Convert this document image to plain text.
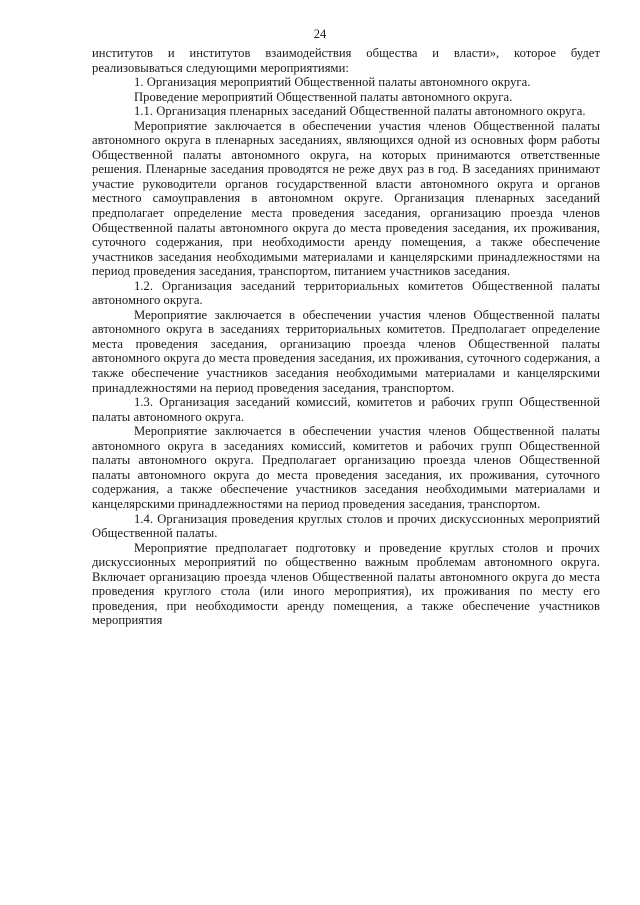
24

институтов и институтов взаимодействия общества и власти», которое будет реализовываться следующими мероприятиями:

1. Организация мероприятий Общественной палаты автономного округа.

Проведение мероприятий Общественной палаты автономного округа.

1.1. Организация пленарных заседаний Общественной палаты автономного округа.

Мероприятие заключается в обеспечении участия членов Общественной палаты автономного округа в пленарных заседаниях, являющихся одной из основных форм работы Общественной палаты автономного округа, на которых принимаются ответственные решения. Пленарные заседания проводятся не реже двух раз в год. В заседаниях принимают участие руководители органов государственной власти автономного округа и органов местного самоуправления в автономном округе. Организация пленарных заседаний предполагает определение места проведения заседания, организацию проезда членов Общественной палаты автономного округа до места проведения заседания, их проживания, суточного содержания, при необходимости аренду помещения, а также обеспечение участников заседания необходимыми материалами и канцелярскими принадлежностями на период проведения заседания, транспортом, питанием участников заседания.

1.2. Организация заседаний территориальных комитетов Общественной палаты автономного округа.

Мероприятие заключается в обеспечении участия членов Общественной палаты автономного округа в заседаниях территориальных комитетов. Предполагает определение места проведения заседания, организацию проезда членов Общественной палаты автономного округа до места проведения заседания, их проживания, суточного содержания, а также обеспечение участников заседания необходимыми материалами и канцелярскими принадлежностями на период проведения заседания, транспортом.

1.3. Организация заседаний комиссий, комитетов и рабочих групп Общественной палаты автономного округа.

Мероприятие заключается в обеспечении участия членов Общественной палаты автономного округа в заседаниях комиссий, комитетов и рабочих групп Общественной палаты автономного округа. Предполагает организацию проезда членов Общественной палаты автономного округа до места проведения заседания, их проживания, суточного содержания, а также обеспечение участников заседания необходимыми материалами и канцелярскими принадлежностями на период проведения заседания, транспортом.

1.4. Организация проведения круглых столов и прочих дискуссионных мероприятий Общественной палаты.

Мероприятие предполагает подготовку и проведение круглых столов и прочих дискуссионных мероприятий по общественно важным проблемам автономного округа. Включает организацию проезда членов Общественной палаты автономного округа до места проведения круглого стола (или иного мероприятия), их проживания по месту его проведения, при необходимости аренду помещения, а также обеспечение участников мероприятия
